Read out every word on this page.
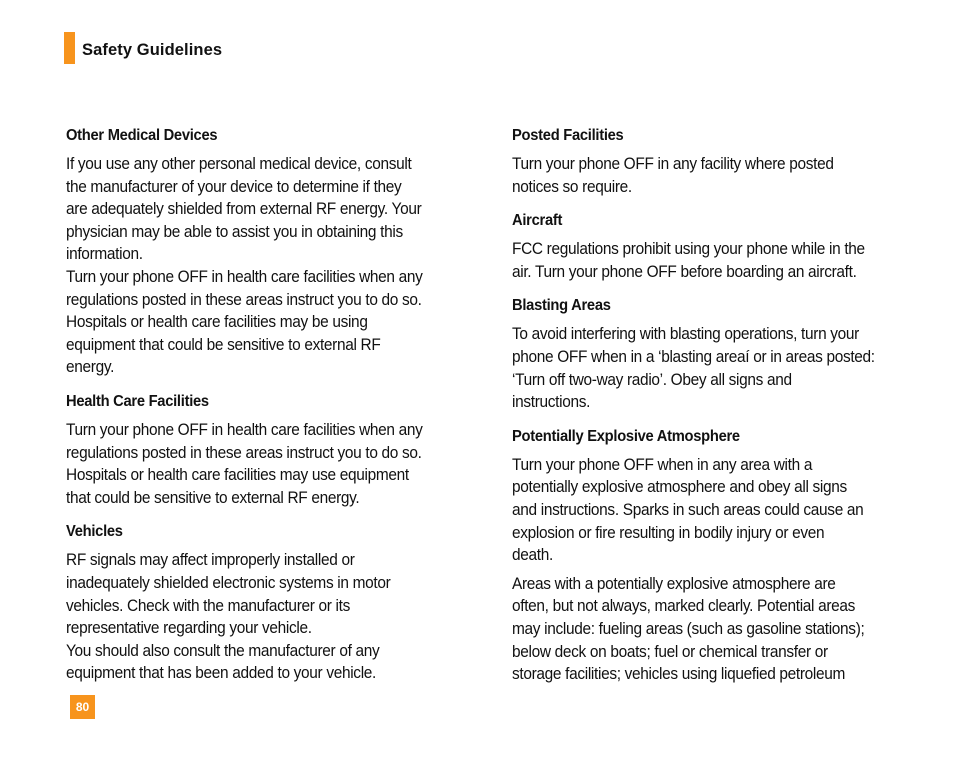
Safety Guidelines
Other Medical Devices

If you use any other personal medical device, consult
the manufacturer of your device to determine if they
are adequately shielded from external RF energy. Your
physician may be able to assist you in obtaining this
information.
Turn your phone OFF in health care facilities when any
regulations posted in these areas instruct you to do so.
Hospitals or health care facilities may be using
equipment that could be sensitive to external RF
energy.

Health Care Facilities

Turn your phone OFF in health care facilities when any
regulations posted in these areas instruct you to do so.
Hospitals or health care facilities may use equipment
that could be sensitive to external RF energy.

Vehicles

RF signals may affect improperly installed or
inadequately shielded electronic systems in motor
vehicles. Check with the manufacturer or its
representative regarding your vehicle.
You should also consult the manufacturer of any
equipment that has been added to your vehicle.

Posted Facilities

Turn your phone OFF in any facility where posted
notices so require.

Aircraft

FCC regulations prohibit using your phone while in the
air. Turn your phone OFF before boarding an aircraft.

Blasting Areas

To avoid interfering with blasting operations, turn your
phone OFF when in a ‘blasting areaí or in areas posted:
‘Turn off two-way radio’. Obey all signs and
instructions.

Potentially Explosive Atmosphere

Turn your phone OFF when in any area with a
potentially explosive atmosphere and obey all signs
and instructions. Sparks in such areas could cause an
explosion or fire resulting in bodily injury or even
death.

Areas with a potentially explosive atmosphere are
often, but not always, marked clearly. Potential areas
may include: fueling areas (such as gasoline stations);
below deck on boats; fuel or chemical transfer or
storage facilities; vehicles using liquefied petroleum

80
